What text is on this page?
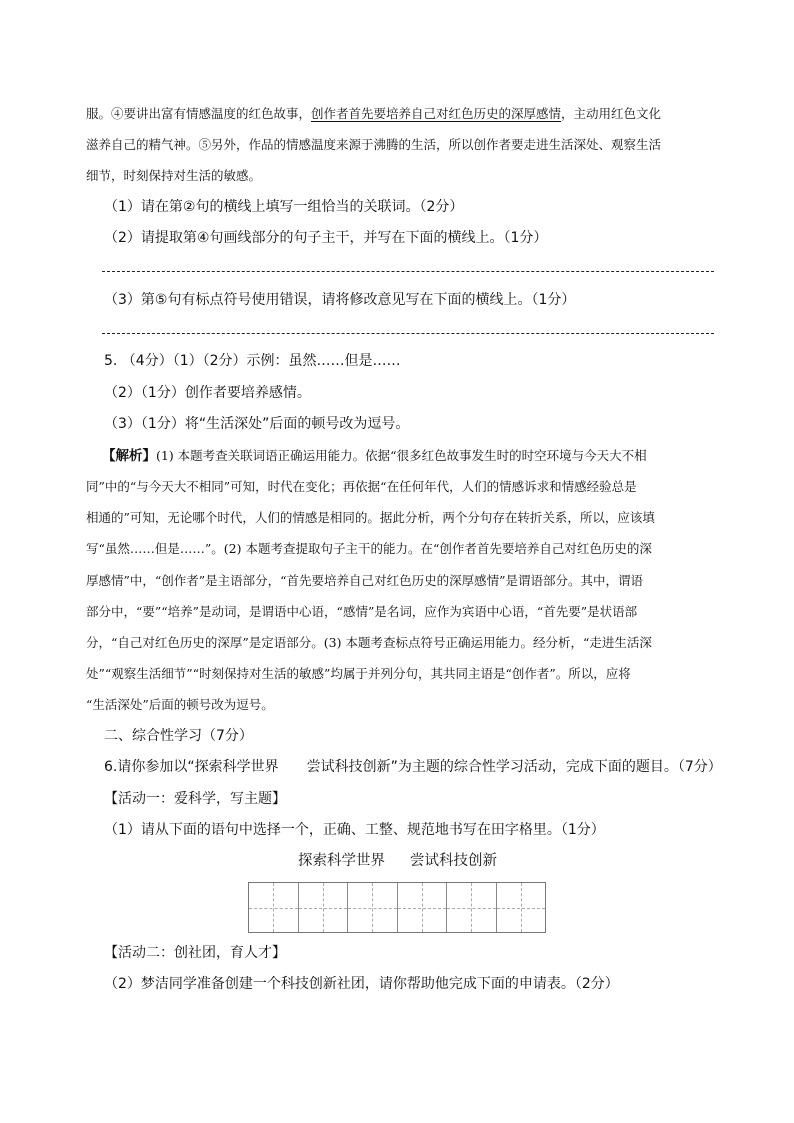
服。④要讲出富有情感温度的红色故事，创作者首先要培养自己对红色历史的深厚感情，主动用红色文化
滋养自己的精气神。⑤另外，作品的情感温度来源于沸腾的生活，所以创作者要走进生活深处、观察生活
细节，时刻保持对生活的敏感。
（1）请在第②句的横线上填写一组恰当的关联词。（2分）
（2）请提取第④句画线部分的句子主干，并写在下面的横线上。（1分）
（3）第⑤句有标点符号使用错误，请将修改意见写在下面的横线上。（1分）
5. （4分）（1）（2分）示例：虽然……但是……
（2）（1分）创作者要培养感情。
（3）（1分）将“生活深处”后面的顿号改为逗号。
【解析】(1) 本题考查关联词语正确运用能力。依据“很多红色故事发生时的时空环境与今天大不相
同”中的“与今天大不相同”可知，时代在变化；再依据“在任何年代，人们的情感诉求和情感经验总是
相通的”可知，无论哪个时代，人们的情感是相同的。据此分析，两个分句存在转折关系，所以，应该填
写“虽然……但是……”。(2) 本题考查提取句子主干的能力。在“创作者首先要培养自己对红色历史的深
厚感情”中，“创作者”是主语部分，“首先要培养自己对红色历史的深厚感情”是谓语部分。其中，谓语
部分中，“要”“培养”是动词，是谓语中心语，“感情”是名词，应作为宾语中心语，“首先要”是状语部
分，“自己对红色历史的深厚”是定语部分。(3) 本题考查标点符号正确运用能力。经分析，“走进生活深
处”“观察生活细节”“时刻保持对生活的敏感”均属于并列分句，其共同主语是“创作者”。所以，应将
“生活深处”后面的顿号改为逗号。
二、综合性学习（7分）
6.请你参加以“探索科学世界　　尝试科技创新”为主题的综合性学习活动，完成下面的题目。（7分）
【活动一：爱科学，写主题】
（1）请从下面的语句中选择一个，正确、工整、规范地书写在田字格里。（1分）
探索科学世界 尝试科技创新
【活动二：创社团，育人才】
（2）梦洁同学准备创建一个科技创新社团，请你帮助他完成下面的申请表。（2分）
